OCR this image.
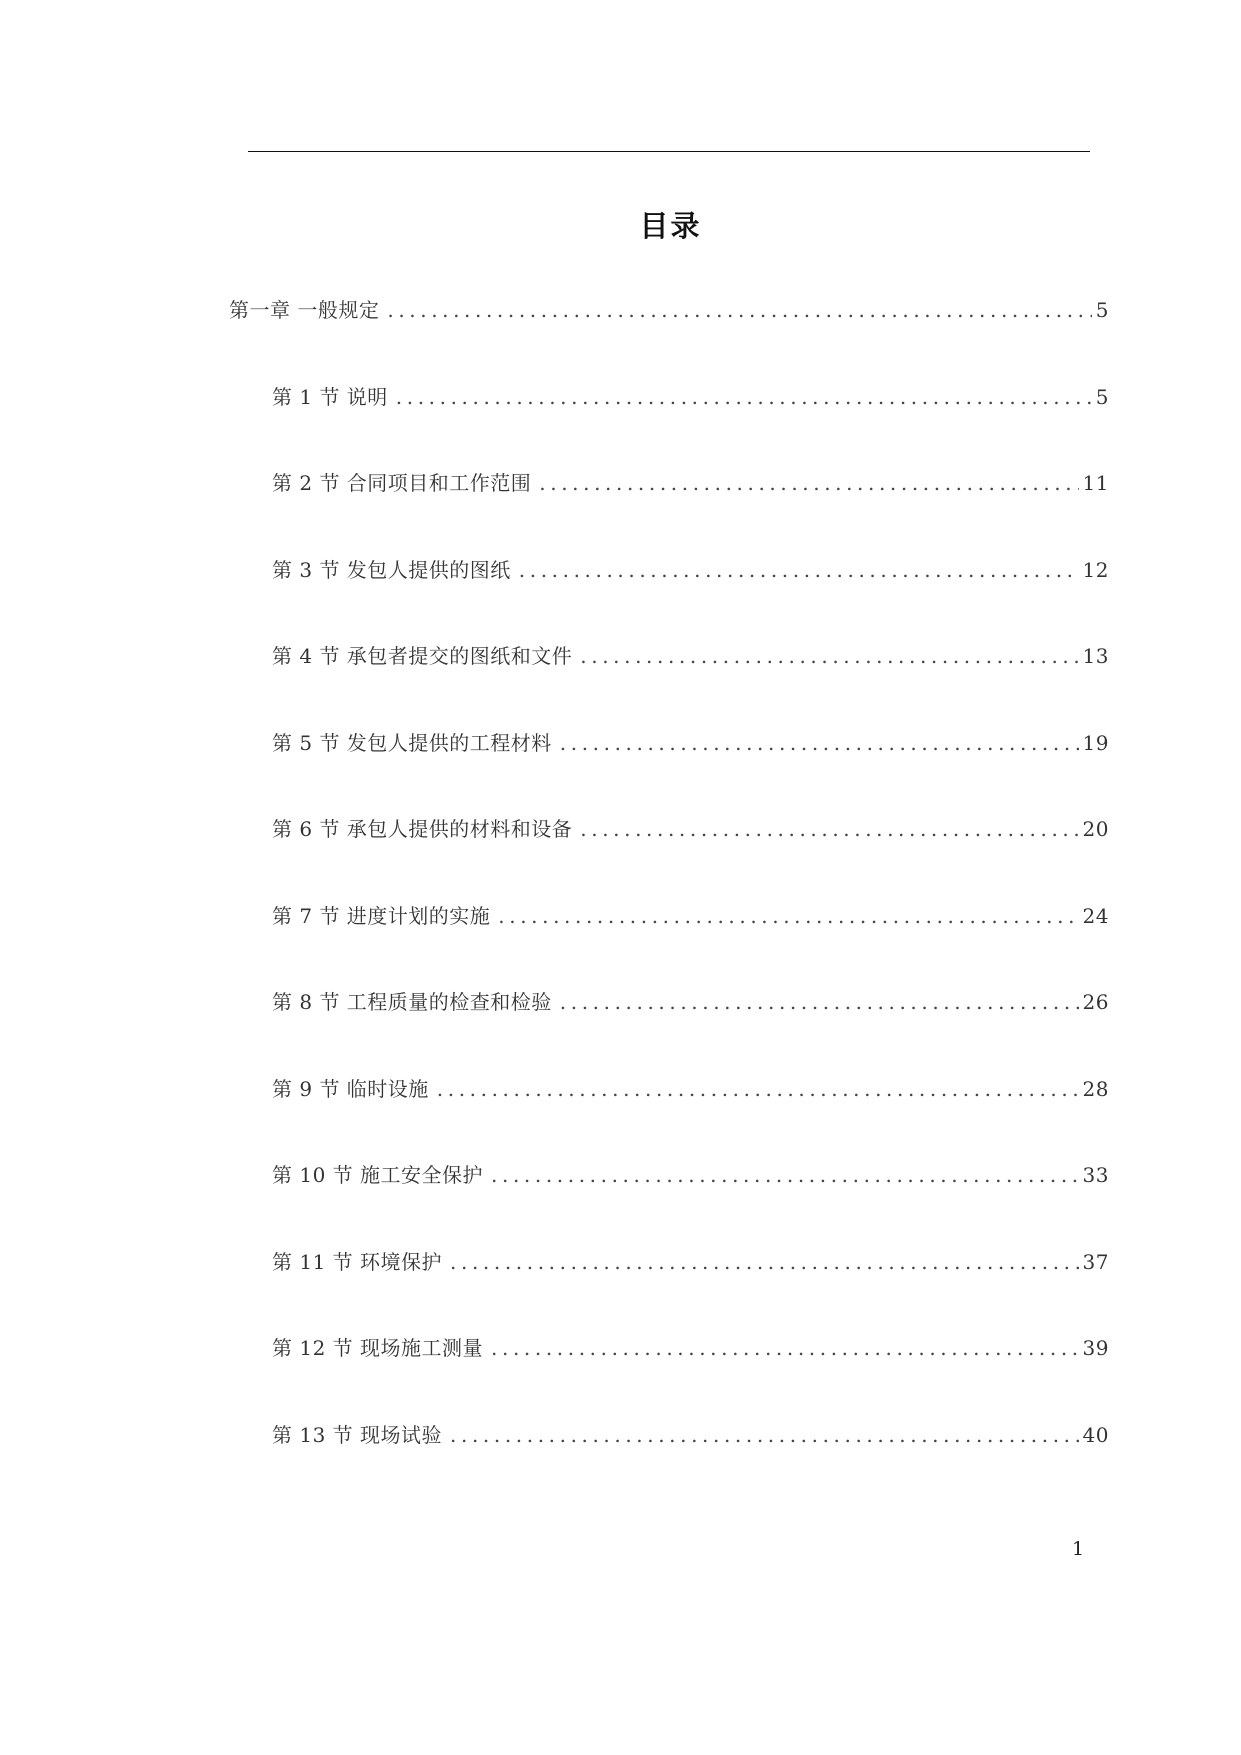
目录
第一章 一般规定 .....	5
第 1 节 说明 .....	5
第 2 节 合同项目和工作范围 .....	11
第 3 节 发包人提供的图纸 .....	12
第 4 节 承包者提交的图纸和文件 .....	13
第 5 节 发包人提供的工程材料 .....	19
第 6 节 承包人提供的材料和设备 .....	20
第 7 节 进度计划的实施 .....	24
第 8 节 工程质量的检查和检验 .....	26
第 9 节 临时设施 .....	28
第 10 节 施工安全保护 .....	33
第 11 节 环境保护 .....	37
第 12 节 现场施工测量 .....	39
第 13 节 现场试验 .....	40
1
